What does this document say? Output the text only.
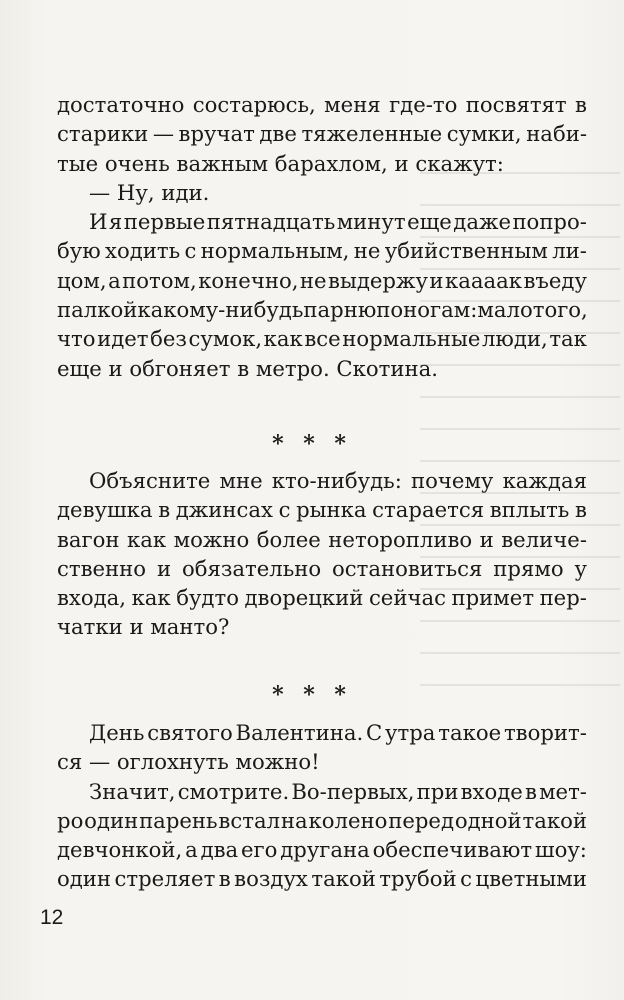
достаточно состарюсь, меня где-то посвятят в
старики — вручат две тяжеленные сумки, наби-
тые очень важным барахлом, и скажут:
— Ну, иди.
И я первые пятнадцать минут еще даже попро-
бую ходить с нормальным, не убийственным ли-
цом, а потом, конечно, не выдержу и каааак въеду
палкой какому-нибудь парню по ногам: мало того,
что идет без сумок, как все нормальные люди, так
еще и обгоняет в метро. Скотина.
* * *
Объясните мне кто-нибудь: почему каждая
девушка в джинсах с рынка старается вплыть в
вагон как можно более неторопливо и величе-
ственно и обязательно остановиться прямо у
входа, как будто дворецкий сейчас примет пер-
чатки и манто?
* * *
День святого Валентина. С утра такое творит-
ся — оглохнуть можно!
Значит, смотрите. Во-первых, при входе в мет-
ро один парень встал на колено перед одной такой
девчонкой, а два его другана обеспечивают шоу:
один стреляет в воздух такой трубой с цветными
12
